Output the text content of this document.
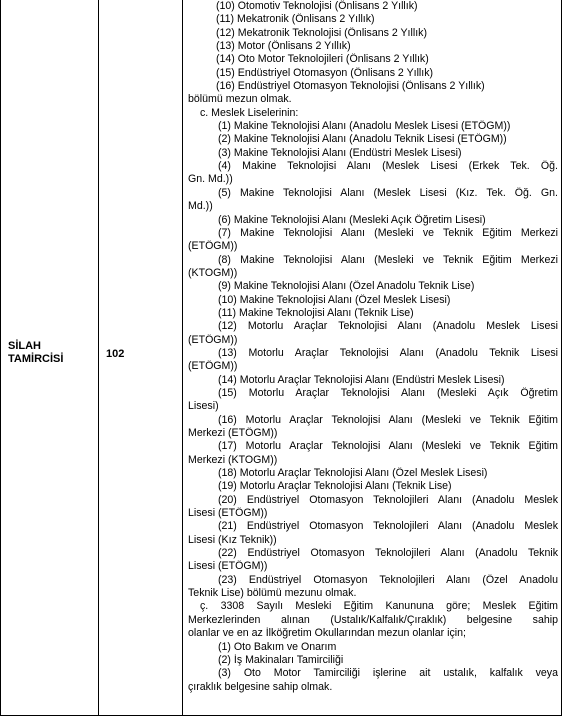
SİLAH
TAMİRCİSİ	102
(10) Otomotiv Teknolojisi (Önlisans 2 Yıllık)
(11) Mekatronik (Önlisans 2 Yıllık)
(12) Mekatronik Teknolojisi (Önlisans 2 Yıllık)
(13) Motor (Önlisans 2 Yıllık)
(14) Oto Motor Teknolojileri (Önlisans 2 Yıllık)
(15) Endüstriyel Otomasyon (Önlisans 2 Yıllık)
(16) Endüstriyel Otomasyon Teknolojisi (Önlisans 2 Yıllık)
bölümü mezun olmak.
c. Meslek Liselerinin:
(1) Makine Teknolojisi Alanı (Anadolu Meslek Lisesi (ETÖGM))
(2) Makine Teknolojisi Alanı (Anadolu Teknik Lisesi (ETÖGM))
(3) Makine Teknolojisi Alanı (Endüstri Meslek Lisesi)
(4) Makine Teknolojisi Alanı (Meslek Lisesi (Erkek Tek. Öğ.
Gn. Md.))
(5) Makine Teknolojisi Alanı (Meslek Lisesi (Kız. Tek. Öğ. Gn.
Md.))
(6) Makine Teknolojisi Alanı (Mesleki Açık Öğretim Lisesi)
(7) Makine Teknolojisi Alanı (Mesleki ve Teknik Eğitim Merkezi
(ETÖGM))
(8) Makine Teknolojisi Alanı (Mesleki ve Teknik Eğitim Merkezi
(KTOGM))
(9) Makine Teknolojisi Alanı (Özel Anadolu Teknik Lise)
(10) Makine Teknolojisi Alanı (Özel Meslek Lisesi)
(11) Makine Teknolojisi Alanı (Teknik Lise)
(12) Motorlu Araçlar Teknolojisi Alanı (Anadolu Meslek Lisesi
(ETÖGM))
(13) Motorlu Araçlar Teknolojisi Alanı (Anadolu Teknik Lisesi
(ETÖGM))
(14) Motorlu Araçlar Teknolojisi Alanı (Endüstri Meslek Lisesi)
(15) Motorlu Araçlar Teknolojisi Alanı (Mesleki Açık Öğretim
Lisesi)
(16) Motorlu Araçlar Teknolojisi Alanı (Mesleki ve Teknik Eğitim
Merkezi (ETÖGM))
(17) Motorlu Araçlar Teknolojisi Alanı (Mesleki ve Teknik Eğitim
Merkezi (KTOGM))
(18) Motorlu Araçlar Teknolojisi Alanı (Özel Meslek Lisesi)
(19) Motorlu Araçlar Teknolojisi Alanı (Teknik Lise)
(20) Endüstriyel Otomasyon Teknolojileri Alanı (Anadolu Meslek
Lisesi (ETÖGM))
(21) Endüstriyel Otomasyon Teknolojileri Alanı (Anadolu Meslek
Lisesi (Kız Teknik))
(22) Endüstriyel Otomasyon Teknolojileri Alanı (Anadolu Teknik
Lisesi (ETÖGM))
(23) Endüstriyel Otomasyon Teknolojileri Alanı (Özel Anadolu
Teknik Lise) bölümü mezunu olmak.
ç. 3308 Sayılı Mesleki Eğitim Kanununa göre; Meslek Eğitim
Merkezlerinden alınan (Ustalık/Kalfalık/Çıraklık) belgesine sahip
olanlar ve en az İlköğretim Okullarından mezun olanlar için;
(1) Oto Bakım ve Onarım
(2) İş Makinaları Tamirciliği
(3) Oto Motor Tamirciliği işlerine ait ustalık, kalfalık veya
çıraklık belgesine sahip olmak.
